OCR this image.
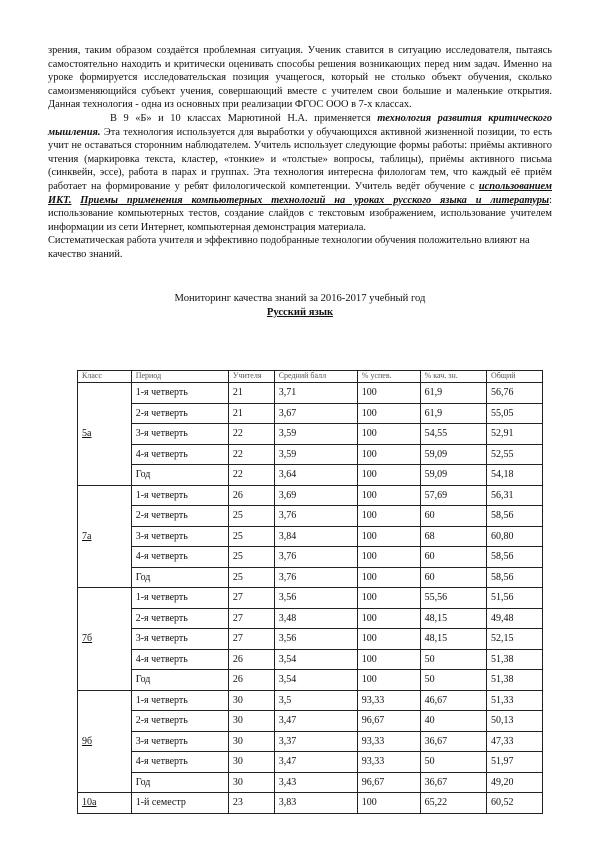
зрения, таким образом создаётся проблемная ситуация. Ученик ставится в ситуацию исследователя, пытаясь самостоятельно находить и критически оценивать способы решения возникающих перед ним задач. Именно на уроке формируется исследовательская позиция учащегося, который не столько объект обучения, сколько самоизменяющийся субъект учения, совершающий вместе с учителем свои большие и маленькие открытия. Данная технология - одна из основных при реализации ФГОС ООО в 7-х классах.

В 9 «Б» и 10 классах Марютиной Н.А. применяется технология развития критического мышления. Эта технология используется для выработки у обучающихся активной жизненной позиции, то есть учит не оставаться сторонним наблюдателем. Учитель использует следующие формы работы: приёмы активного чтения (маркировка текста, кластер, «тонкие» и «толстые» вопросы, таблицы), приёмы активного письма (синквейн, эссе), работа в парах и группах. Эта технология интересна филологам тем, что каждый её приём работает на формирование у ребят филологической компетенции. Учитель ведёт обучение с использованием ИКТ. Приемы применения компьютерных технологий на уроках русского языка и литературы: использование компьютерных тестов, создание слайдов с текстовым изображением, использование учителем информации из сети Интернет, компьютерная демонстрация материала.

Систематическая работа учителя и эффективно подобранные технологии обучения положительно влияют на качество знаний.

Мониторинг качества знаний за 2016-2017 учебный год
Русский язык
Класс	Период	Учителя	Средний балл	% успев.	% кач. зн.	Общий
5а	1-я четверть	21	3,71	100	61,9	56,76
	2-я четверть	21	3,67	100	61,9	55,05
	3-я четверть	22	3,59	100	54,55	52,91
	4-я четверть	22	3,59	100	59,09	52,55
	Год	22	3,64	100	59,09	54,18
7а	1-я четверть	26	3,69	100	57,69	56,31
	2-я четверть	25	3,76	100	60	58,56
	3-я четверть	25	3,84	100	68	60,80
	4-я четверть	25	3,76	100	60	58,56
	Год	25	3,76	100	60	58,56
7б	1-я четверть	27	3,56	100	55,56	51,56
	2-я четверть	27	3,48	100	48,15	49,48
	3-я четверть	27	3,56	100	48,15	52,15
	4-я четверть	26	3,54	100	50	51,38
	Год	26	3,54	100	50	51,38
9б	1-я четверть	30	3,5	93,33	46,67	51,33
	2-я четверть	30	3,47	96,67	40	50,13
	3-я четверть	30	3,37	93,33	36,67	47,33
	4-я четверть	30	3,47	93,33	50	51,97
	Год	30	3,43	96,67	36,67	49,20
10а	1-й семестр	23	3,83	100	65,22	60,52
